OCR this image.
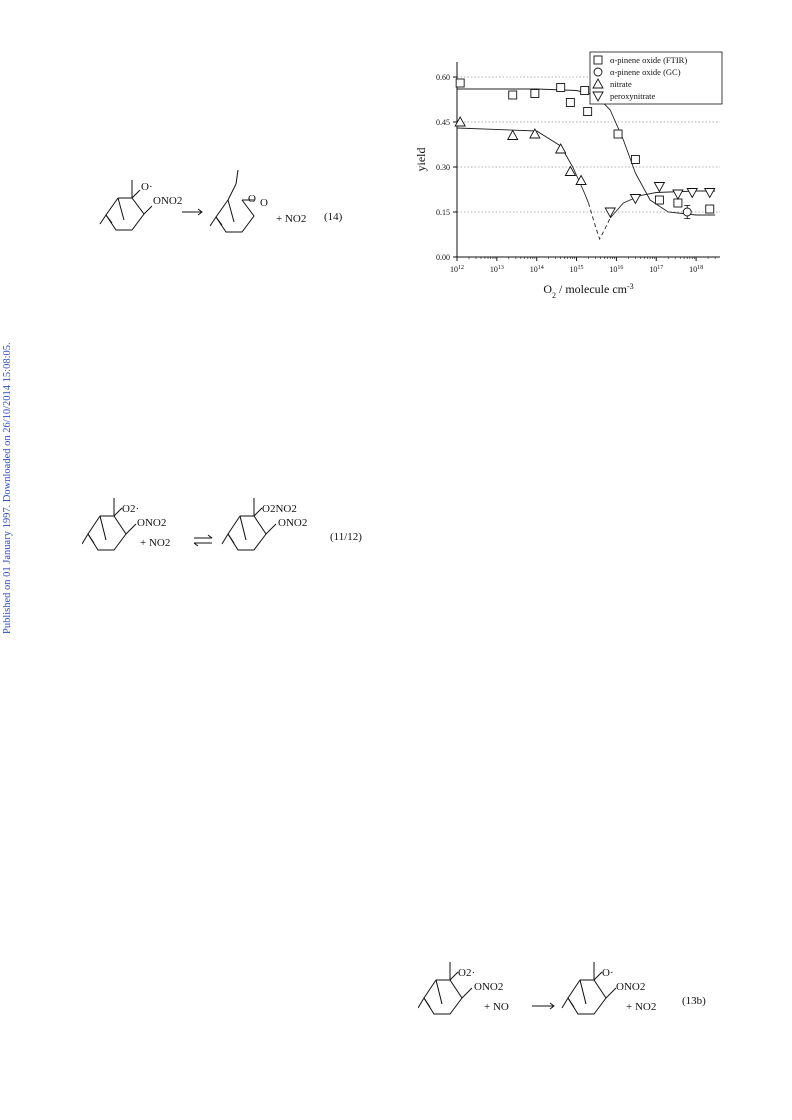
Published on 01 January 1997. Downloaded on 26/10/2014 15:08:05.
O·
ONO2	O O
+ NO2 (14)
O2·
ONO2
+ NO2
O2NO2
ONO2
(11/12)
O2·
ONO2
+ NO
O·
ONO2
+ NO2 (13b)
0.00
0.15
0.30
0.45
0.60
$10^{12}$	$10^{13}$	$10^{14}$	$10^{15}$	$10^{16}$	$10^{17}$	$10^{18}$
α-pinene oxide (FTIR)
α-pinene oxide (GC)
nitrate
peroxynitrate
yield
$O_2$ / molecule $cm^{-3}$
